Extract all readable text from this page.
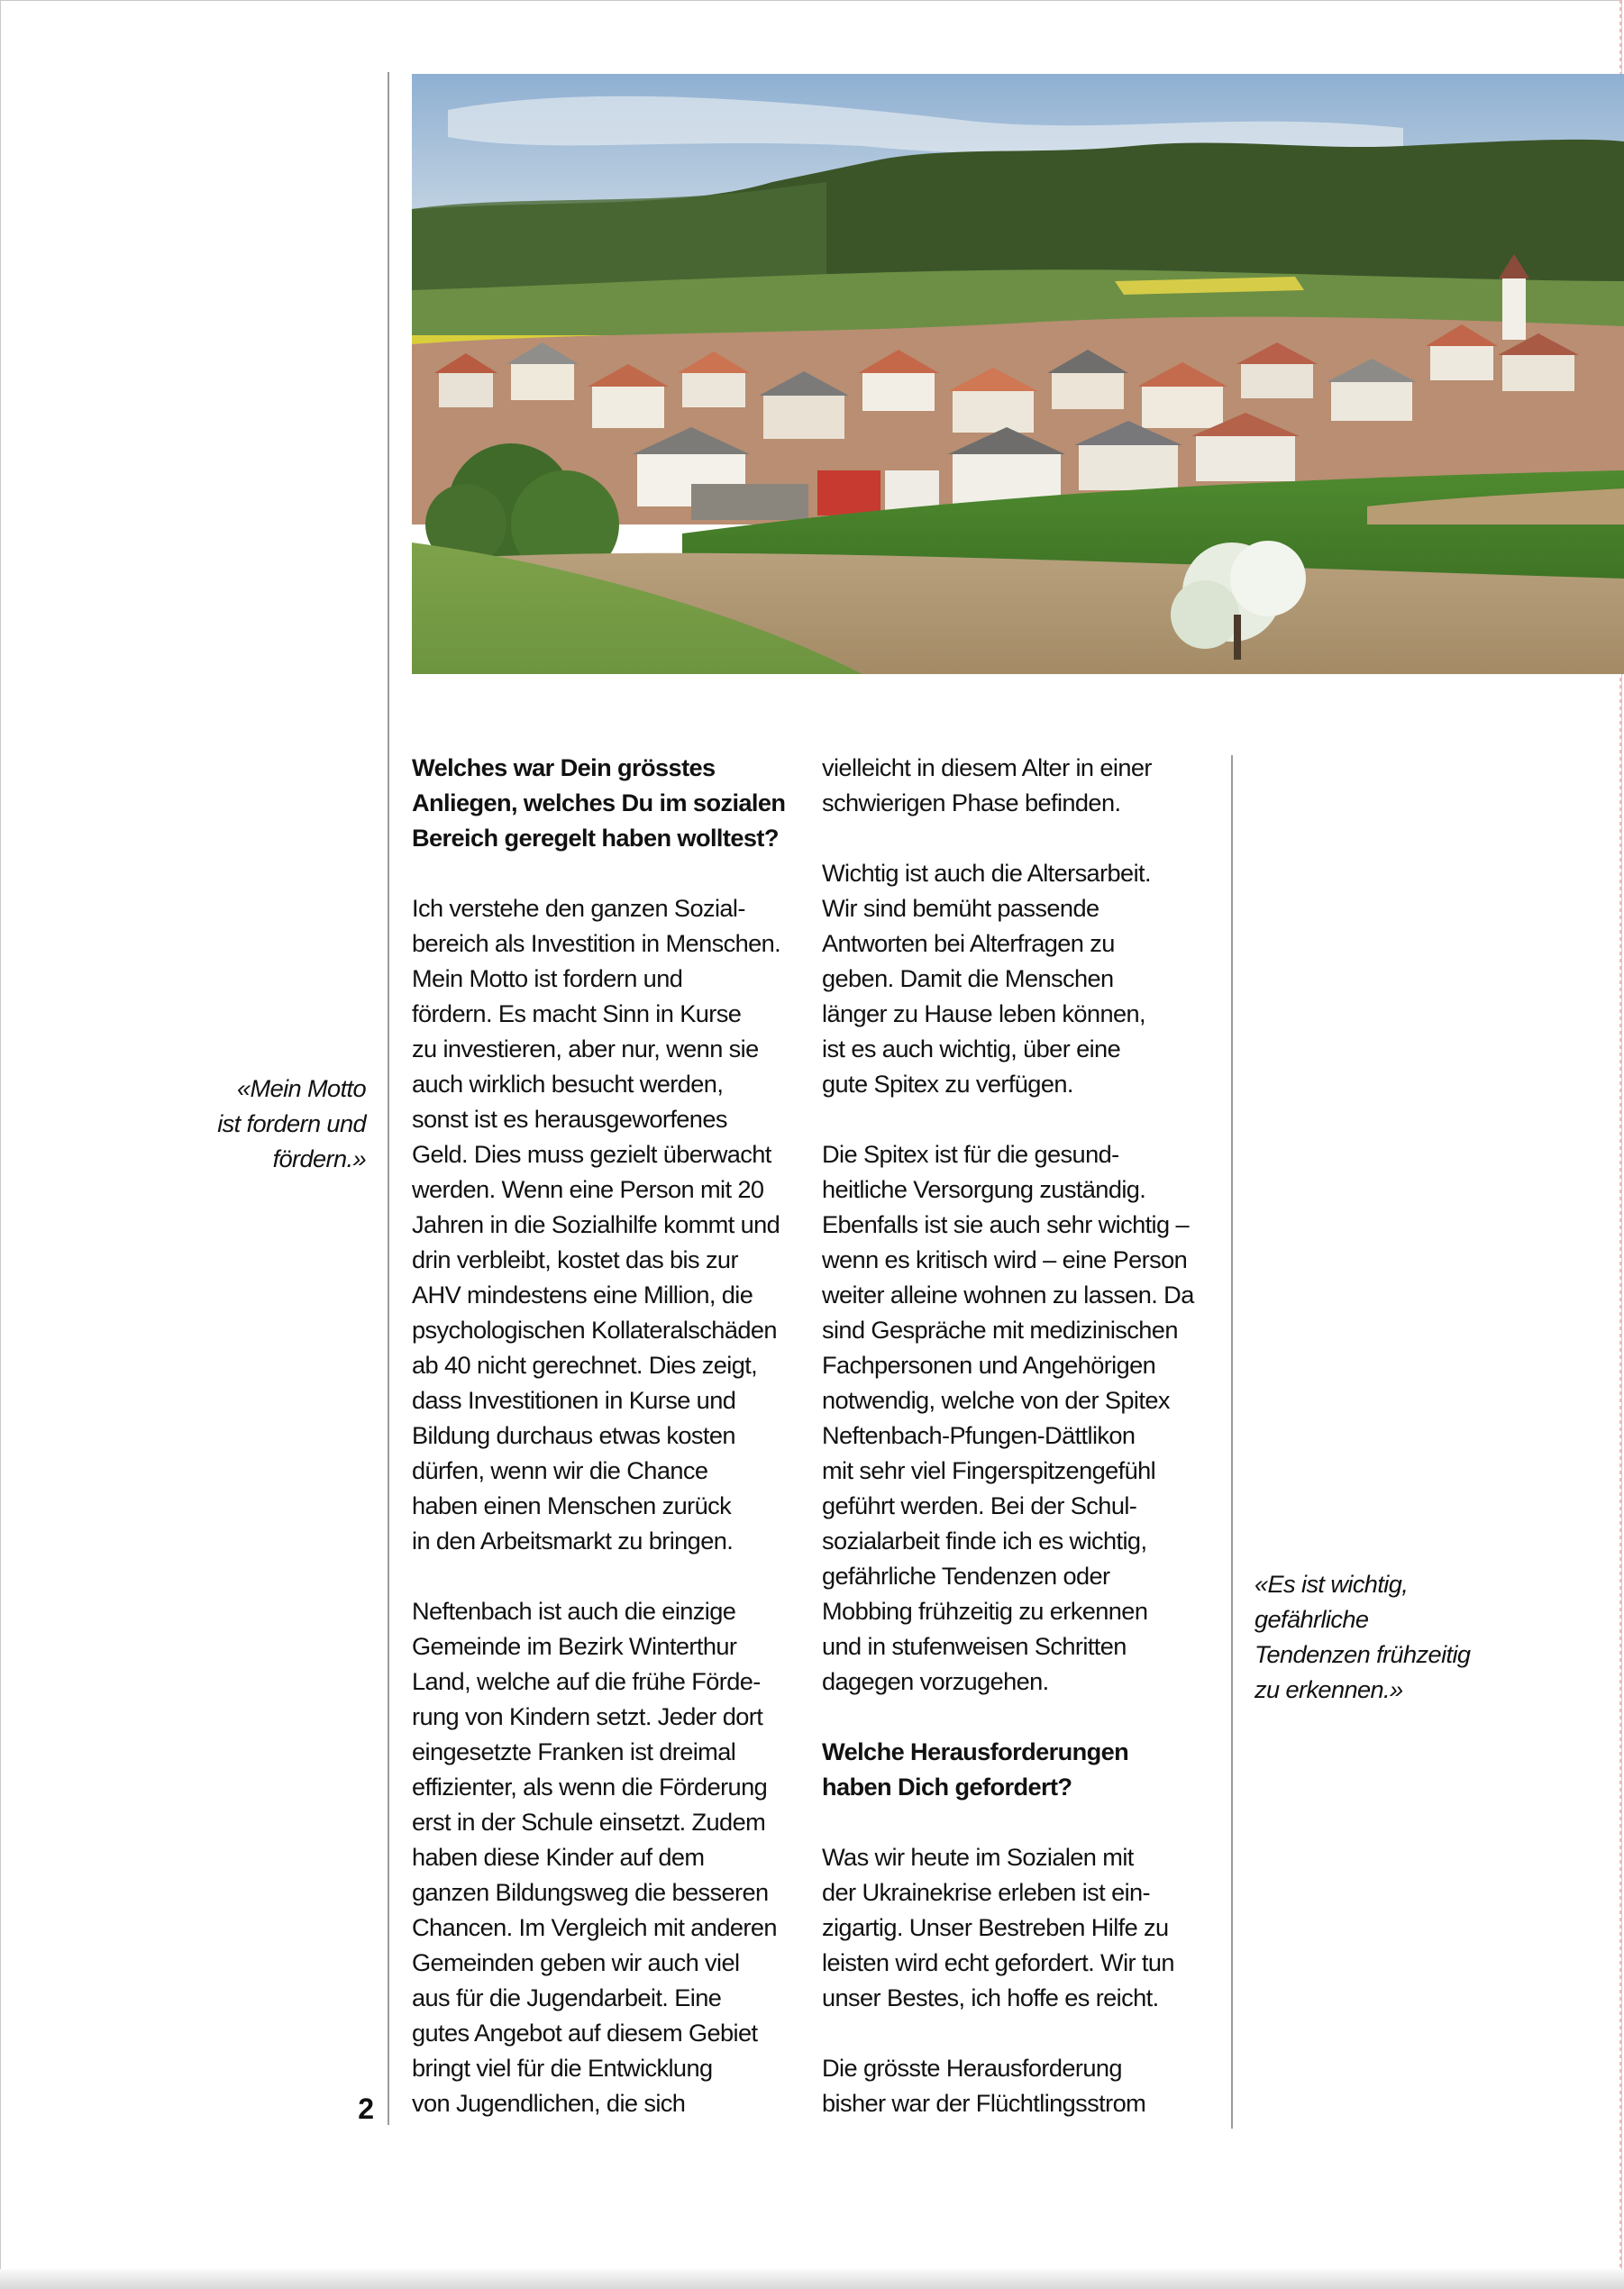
Welches war Dein grösstes
Anliegen, welches Du im sozialen
Bereich geregelt haben wolltest?

Ich verstehe den ganzen Sozial-
bereich als Investition in Menschen.
Mein Motto ist fordern und
fördern. Es macht Sinn in Kurse
zu investieren, aber nur, wenn sie
auch wirklich besucht werden,
sonst ist es herausgeworfenes
Geld. Dies muss gezielt überwacht
werden. Wenn eine Person mit 20
Jahren in die Sozialhilfe kommt und
drin verbleibt, kostet das bis zur
AHV mindestens eine Million, die
psychologischen Kollateralschäden
ab 40 nicht gerechnet. Dies zeigt,
dass Investitionen in Kurse und
Bildung durchaus etwas kosten
dürfen, wenn wir die Chance
haben einen Menschen zurück
in den Arbeitsmarkt zu bringen.

Neftenbach ist auch die einzige
Gemeinde im Bezirk Winterthur
Land, welche auf die frühe Förde-
rung von Kindern setzt. Jeder dort
eingesetzte Franken ist dreimal
effizienter, als wenn die Förderung
erst in der Schule einsetzt. Zudem
haben diese Kinder auf dem
ganzen Bildungsweg die besseren
Chancen. Im Vergleich mit anderen
Gemeinden geben wir auch viel
aus für die Jugendarbeit. Eine
gutes Angebot auf diesem Gebiet
bringt viel für die Entwicklung
von Jugendlichen, die sich

vielleicht in diesem Alter in einer
schwierigen Phase befinden.

Wichtig ist auch die Altersarbeit.
Wir sind bemüht passende
Antworten bei Alterfragen zu
geben. Damit die Menschen
länger zu Hause leben können,
ist es auch wichtig, über eine
gute Spitex zu verfügen.

Die Spitex ist für die gesund-
heitliche Versorgung zuständig.
Ebenfalls ist sie auch sehr wichtig –
wenn es kritisch wird – eine Person
weiter alleine wohnen zu lassen. Da
sind Gespräche mit medizinischen
Fachpersonen und Angehörigen
notwendig, welche von der Spitex
Neftenbach-Pfungen-Dättlikon
mit sehr viel Fingerspitzengefühl
geführt werden. Bei der Schul-
sozialarbeit finde ich es wichtig,
gefährliche Tendenzen oder
Mobbing frühzeitig zu erkennen
und in stufenweisen Schritten
dagegen vorzugehen.

Welche Herausforderungen
haben Dich gefordert?

Was wir heute im Sozialen mit
der Ukrainekrise erleben ist ein-
zigartig. Unser Bestreben Hilfe zu
leisten wird echt gefordert. Wir tun
unser Bestes, ich hoffe es reicht.

Die grösste Herausforderung
bisher war der Flüchtlingsstrom

«Mein Motto
ist fordern und
fördern.»
«Es ist wichtig,
gefährliche
Tendenzen frühzeitig
zu erkennen.»
2
